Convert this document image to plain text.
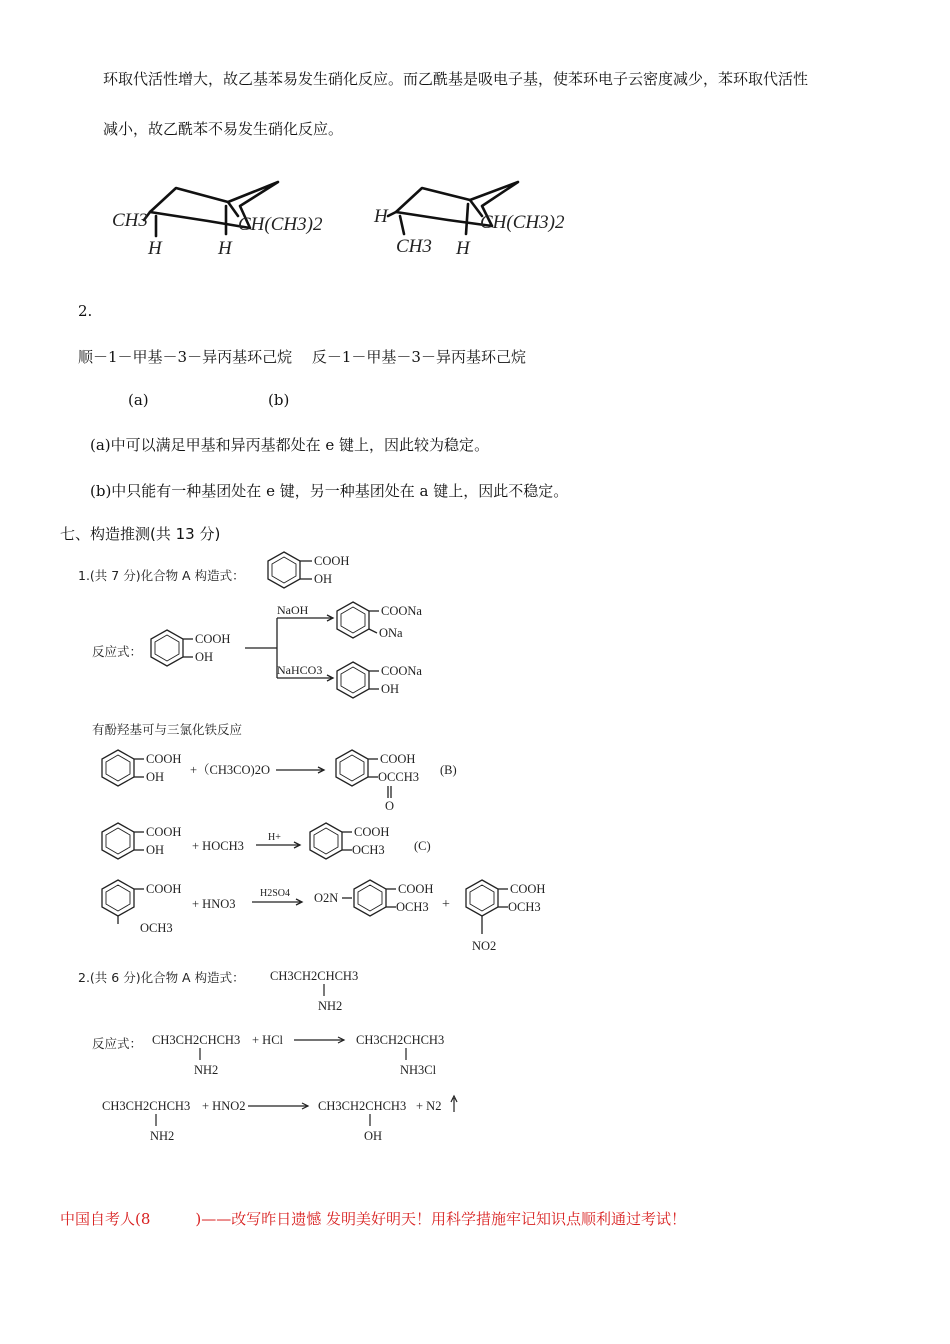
环取代活性增大，故乙基苯易发生硝化反应。而乙酰基是吸电子基，使苯环电子云密度减少，苯环取代活性
减小，故乙酰苯不易发生硝化反应。
CH3
H	H
CH(CH3)2	H
CH3 H
CH(CH3)2
2.
顺－1－甲基－3－异丙基环己烷　 反－1－甲基－3－异丙基环己烷
(a)	(b)
(a)中可以满足甲基和异丙基都处在 e 键上，因此较为稳定。
(b)中只能有一种基团处在 e 键，另一种基团处在 a 键上，因此不稳定。
七、构造推测(共 13 分)
1.(共 7 分)化合物 A 构造式：
COOH
OH
反应式：
COOH
OH
NaOH
NaHCO3
COONa
ONa
COONa
OH
有酚羟基可与三氯化铁反应
COOH
OH +（CH3CO)2O
COOH
OCCH3
O
(B)
COOH
OH + HOCH3
H+	COOH
OCH3 (C)
COOH
OCH3
+ HNO3
H2SO4 O2N
COOH
OCH3 +
COOH
OCH3
NO2
2.(共 6 分)化合物 A 构造式： CH3CH2CHCH3
NH2
反应式： CH3CH2CHCH3
NH2
+ HCl	CH3CH2CHCH3
NH3Cl
CH3CH2CHCH3
NH2
+ HNO2	CH3CH2CHCH3
OH
+ N2
中国自考人(8　　　)——改写昨日遗憾 发明美好明天！用科学措施牢记知识点顺利通过考试！
